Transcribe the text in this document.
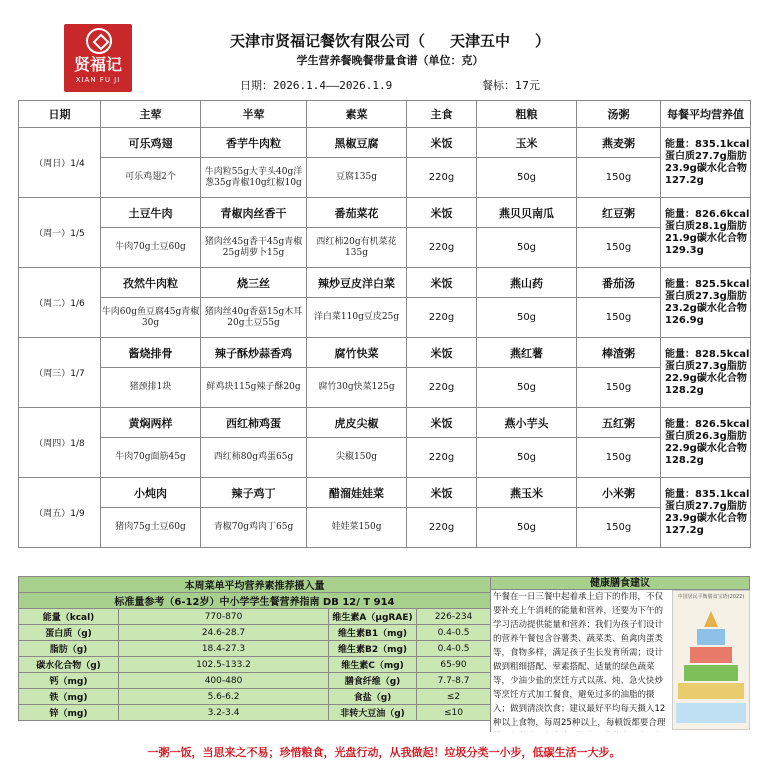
贤福记
XIAN FU JI
天津市贤福记餐饮有限公司（ 天津五中 ）
学生营养餐晚餐带量食谱（单位：克）
日期：2026.1.4——2026.1.9	餐标：17元
日期	主荤	半荤	素菜	主食	粗粮	汤粥	每餐平均营养值
（周日）1/4	可乐鸡翅	香芋牛肉粒	黑椒豆腐	米饭	玉米	燕麦粥	能量：835.1kcal 蛋白质27.7g脂肪23.9g碳水化合物127.2g
	可乐鸡翅2个	牛肉粒55g大芋头40g洋葱35g青椒10g红椒10g	豆腐135g	220g	50g	150g	
（周一）1/5	土豆牛肉	青椒肉丝香干	番茄菜花	米饭	燕贝贝南瓜	红豆粥	能量：826.6kcal 蛋白质28.1g脂肪21.9g碳水化合物129.3g
	牛肉70g土豆60g	猪肉丝45g香干45g青椒25g胡萝卜15g	西红柿20g有机菜花135g	220g	50g	150g	
（周二）1/6	孜然牛肉粒	烧三丝	辣炒豆皮洋白菜	米饭	燕山药	番茄汤	能量：825.5kcal 蛋白质27.3g脂肪23.2g碳水化合物126.9g
	牛肉60g鱼豆腐45g青椒30g	猪肉丝40g香菇15g木耳20g土豆55g	洋白菜110g豆皮25g	220g	50g	150g	
（周三）1/7	酱烧排骨	辣子酥炒蒜香鸡	腐竹快菜	米饭	燕红薯	棒渣粥	能量：828.5kcal 蛋白质27.3g脂肪22.9g碳水化合物128.2g
	猪颈排1块	鲜鸡块115g辣子酥20g	腐竹30g快菜125g	220g	50g	150g	
（周四）1/8	黄焖两样	西红柿鸡蛋	虎皮尖椒	米饭	燕小芋头	五红粥	能量：826.5kcal 蛋白质26.3g脂肪22.9g碳水化合物128.2g
	牛肉70g面筋45g	西红柿80g鸡蛋65g	尖椒150g	220g	50g	150g	
（周五）1/9	小炖肉	辣子鸡丁	醋溜娃娃菜	米饭	燕玉米	小米粥	能量：835.1kcal 蛋白质27.7g脂肪23.9g碳水化合物127.2g
	猪肉75g土豆60g	青椒70g鸡肉丁65g	娃娃菜150g	220g	50g	150g	
本周菜单平均营养素推荐摄入量			
标准量参考（6-12岁）中小学学生餐营养指南 DB 12/ T 914			
能量（kcal)	770-870	维生素A（μgRAE)	226-234
蛋白质（g)	24.6-28.7	维生素B1（mg)	0.4-0.5
脂肪（g)	18.4-27.3	维生素B2（mg)	0.4-0.5
碳水化合物（g)	102.5-133.2	维生素C（mg)	65-90
钙（mg)	400-480	膳食纤维（g)	7.7-8.7
铁（mg)	5.6-6.2	食盐（g)	≤2
锌（mg)	3.2-3.4	非转大豆油（g)	≤10
健康膳食建议
午餐在一日三餐中起着承上启下的作用，不仅要补充上午消耗的能量和营养，还要为下午的学习活动提供能量和营养；我们为孩子们设计的营养午餐包含谷薯类、蔬菜类、鱼禽肉蛋类等，食物多样，满足孩子生长发育所需；设计做到粗细搭配、荤素搭配、适量的绿色蔬菜等，少油少盐的烹饪方式以蒸、炖、急火快炒等烹饪方式加工餐食，避免过多的油脂的摄入；做到清淡饮食；建议最好平均每天摄入12种以上食物，每周25种以上，每顿饭都要合理
中国居民平衡膳食宝塔(2022)
一粥一饭，当思来之不易；珍惜粮食，光盘行动，从我做起！垃圾分类一小步，低碳生活一大步。
